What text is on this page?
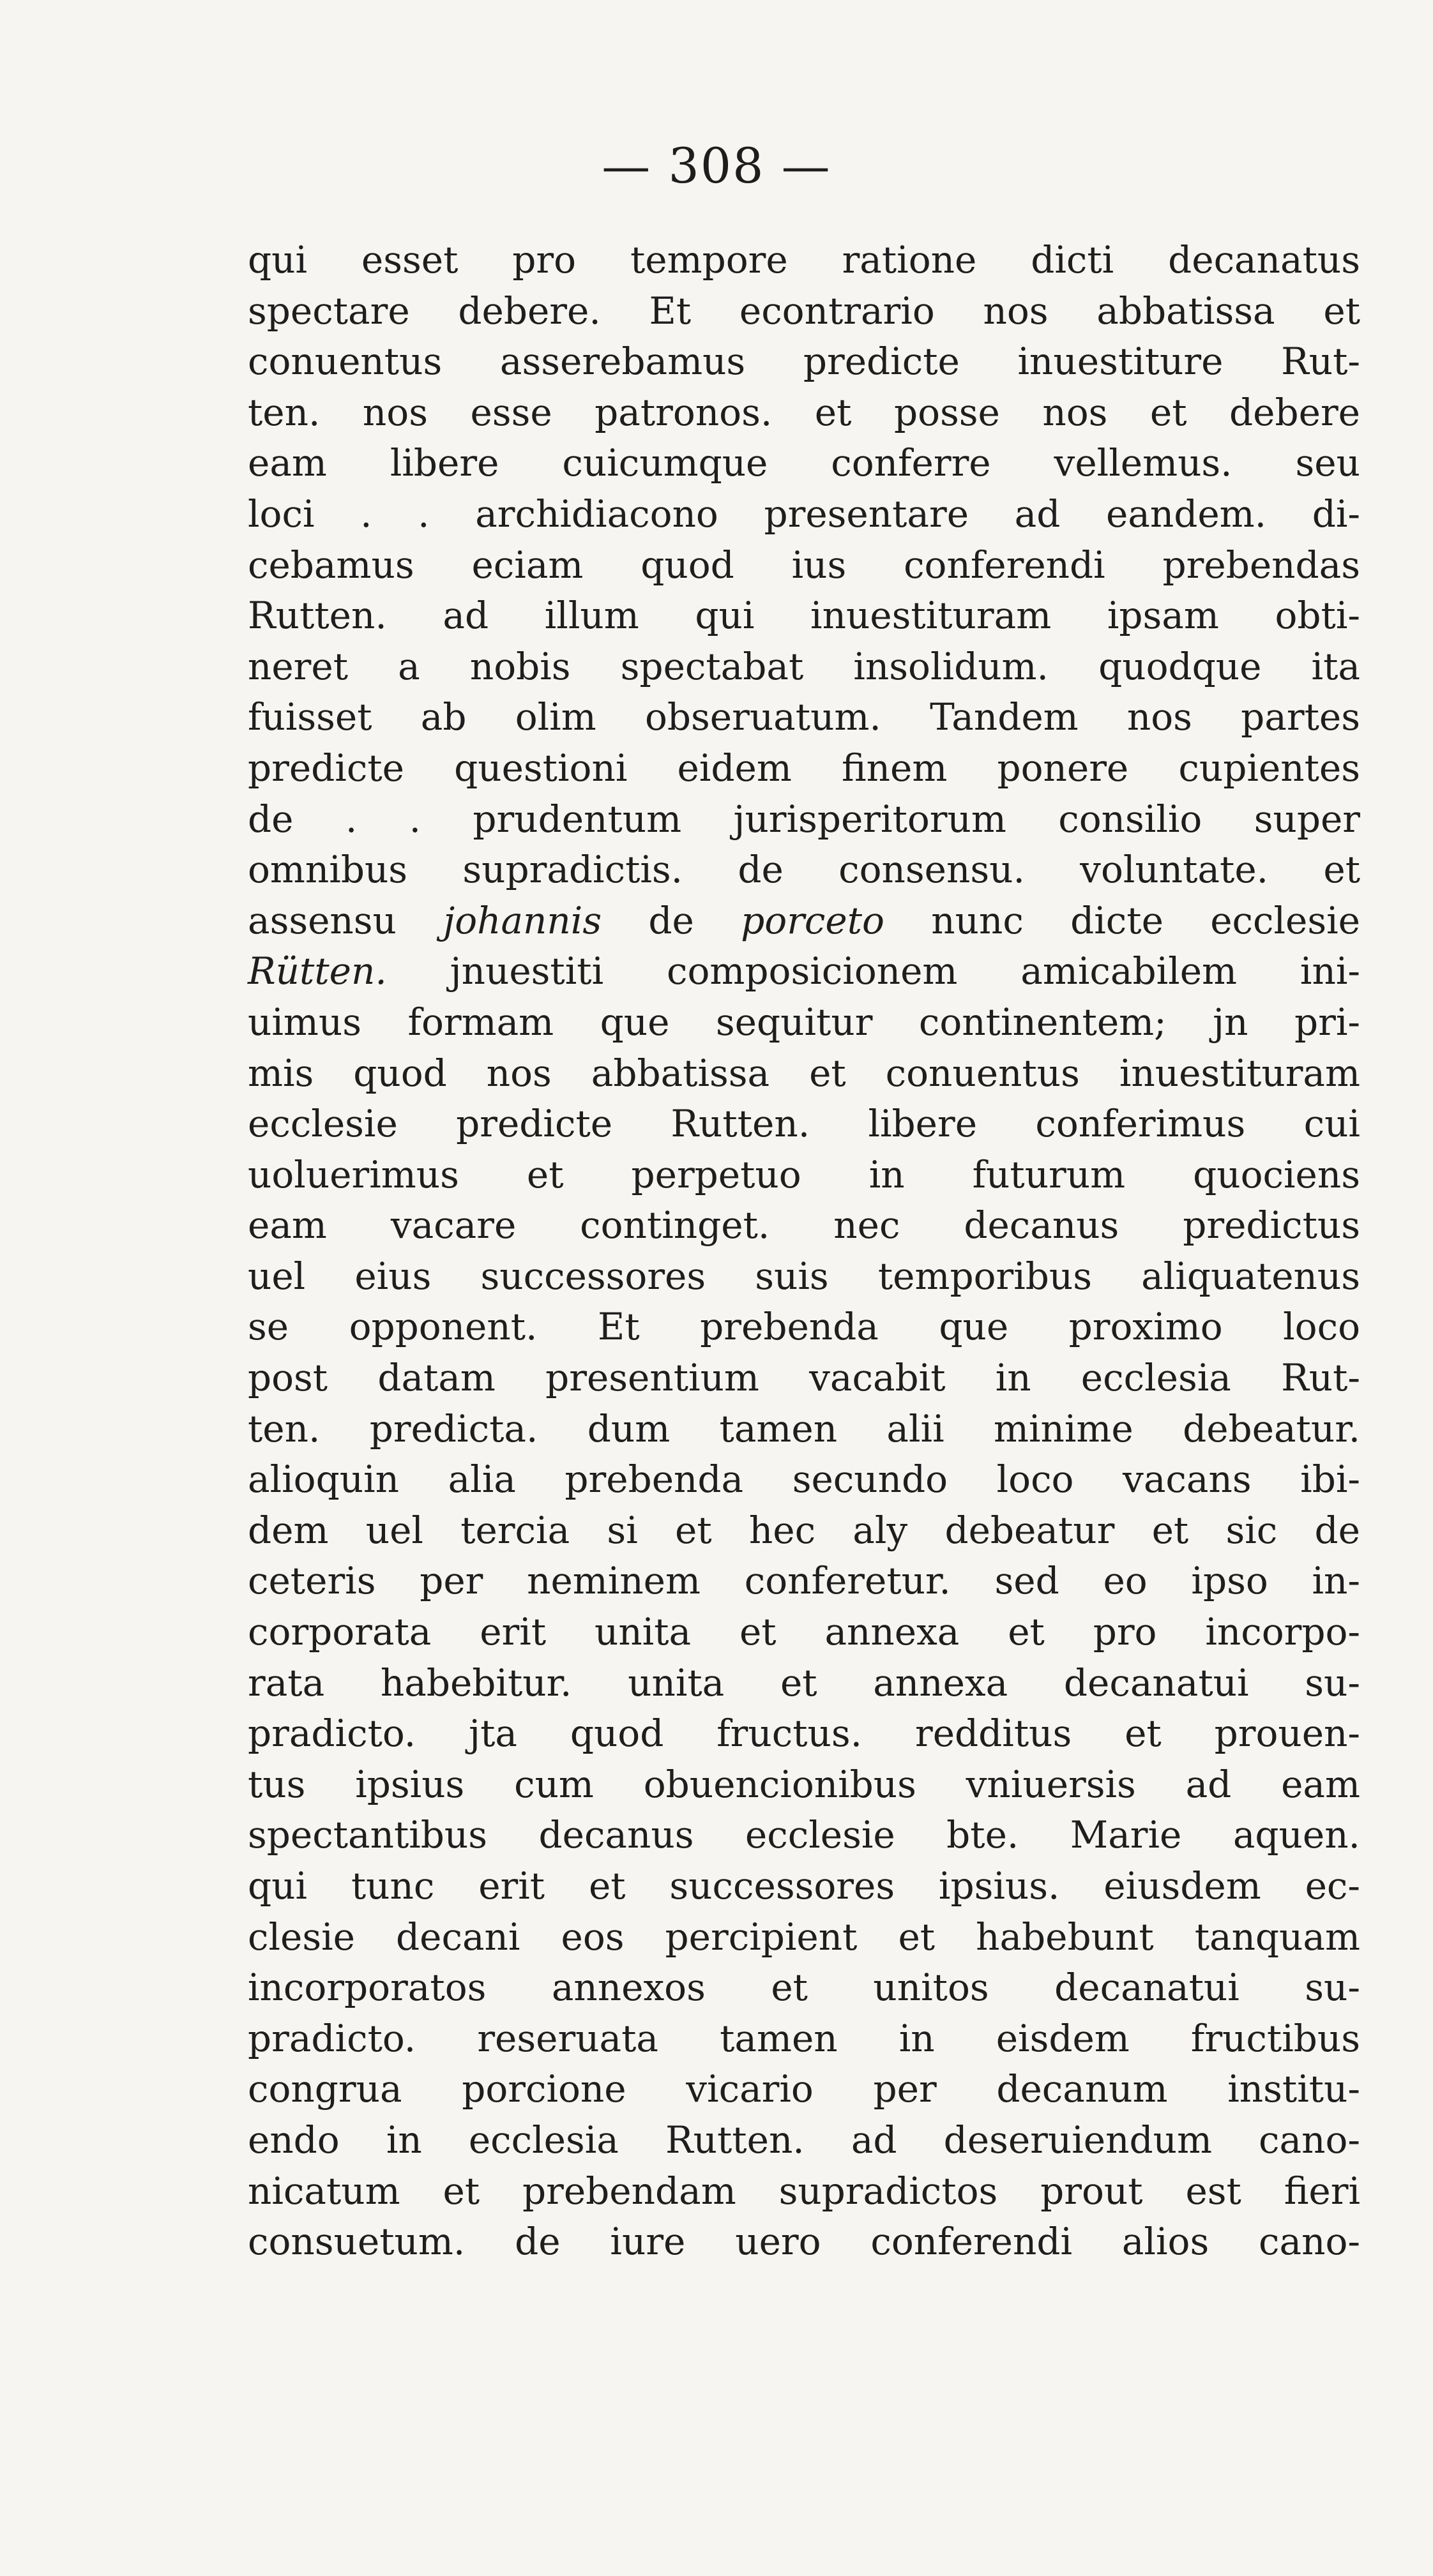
— 308 —
qui esset pro tempore ratione dicti decanatus
spectare debere. Et econtrario nos abbatissa et
conuentus asserebamus predicte inuestiture Rut-
ten. nos esse patronos. et posse nos et debere
eam libere cuicumque conferre vellemus. seu
loci . . archidiacono presentare ad eandem. di-
cebamus eciam quod ius conferendi prebendas
Rutten. ad illum qui inuestituram ipsam obti-
neret a nobis spectabat insolidum. quodque ita
fuisset ab olim obseruatum. Tandem nos partes
predicte questioni eidem finem ponere cupientes
de . . prudentum jurisperitorum consilio super
omnibus supradictis. de consensu. voluntate. et
assensu johannis de porceto nunc dicte ecclesie
Rütten. jnuestiti composicionem amicabilem ini-
uimus formam que sequitur continentem; jn pri-
mis quod nos abbatissa et conuentus inuestituram
ecclesie predicte Rutten. libere conferimus cui
uoluerimus et perpetuo in futurum quociens
eam vacare continget. nec decanus predictus
uel eius successores suis temporibus aliquatenus
se opponent. Et prebenda que proximo loco
post datam presentium vacabit in ecclesia Rut-
ten. predicta. dum tamen alii minime debeatur.
alioquin alia prebenda secundo loco vacans ibi-
dem uel tercia si et hec aly debeatur et sic de
ceteris per neminem conferetur. sed eo ipso in-
corporata erit unita et annexa et pro incorpo-
rata habebitur. unita et annexa decanatui su-
pradicto. jta quod fructus. redditus et prouen-
tus ipsius cum obuencionibus vniuersis ad eam
spectantibus decanus ecclesie bte. Marie aquen.
qui tunc erit et successores ipsius. eiusdem ec-
clesie decani eos percipient et habebunt tanquam
incorporatos annexos et unitos decanatui su-
pradicto. reseruata tamen in eisdem fructibus
congrua porcione vicario per decanum institu-
endo in ecclesia Rutten. ad deseruiendum cano-
nicatum et prebendam supradictos prout est fieri
consuetum. de iure uero conferendi alios cano-
